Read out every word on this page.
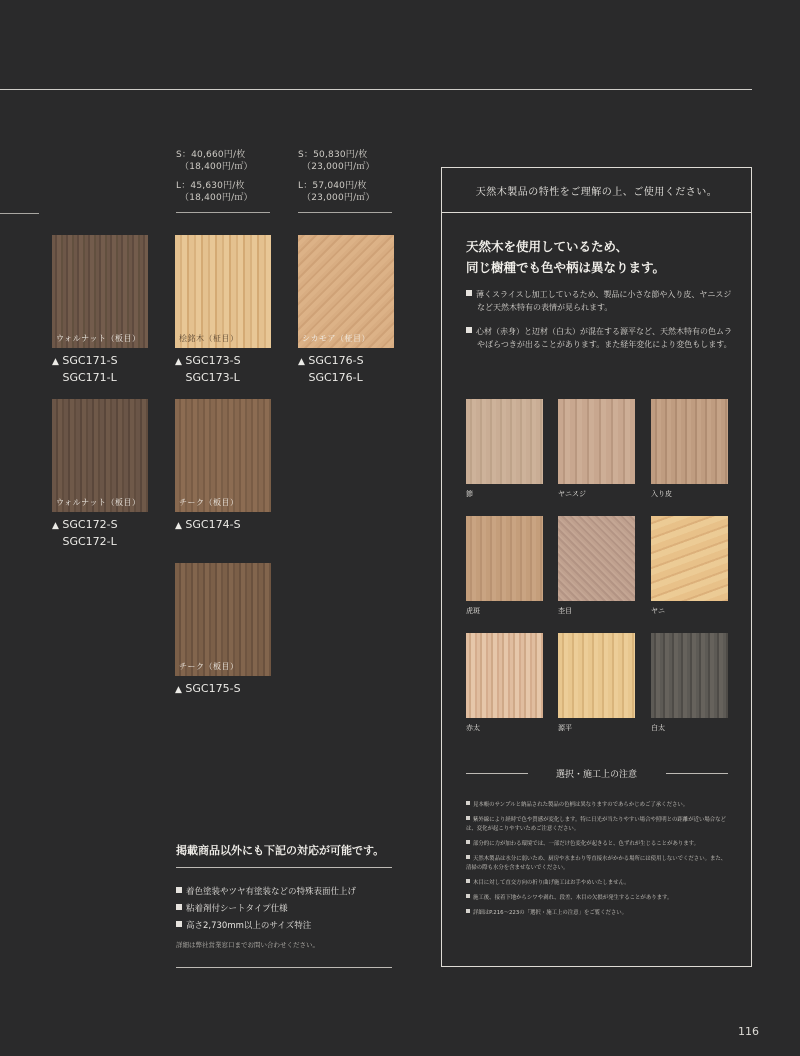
S：40,660円/枚
（18,400円/㎡）
L：45,630円/枚
（18,400円/㎡）
S：50,830円/枚
（23,000円/㎡）
L：57,040円/枚
（23,000円/㎡）
ウォルナット（板目）
▲ SGC171-S
SGC171-L
桧銘木（柾目）
▲ SGC173-S
SGC173-L
シカモア（柾目）
▲ SGC176-S
SGC176-L
ウォルナット（板目）
▲ SGC172-S
SGC172-L
チーク（板目）
▲ SGC174-S
チーク（板目）
▲ SGC175-S
掲載商品以外にも下記の対応が可能です。
着色塗装やツヤ有塗装などの特殊表面仕上げ
粘着剤付シートタイプ仕様
高さ2,730mm以上のサイズ特注
詳細は弊社営業窓口までお問い合わせください。
天然木製品の特性をご理解の上、ご使用ください。
天然木を使用しているため、
同じ樹種でも色や柄は異なります。
薄くスライスし加工しているため、製品に小さな節や入り皮、ヤニスジなど天然木特有の表情が見られます。
心材（赤身）と辺材（白太）が混在する源平など、天然木特有の色ムラやばらつきが出ることがあります。また経年変化により変色もします。
節	ヤニスジ	入り皮
虎斑	杢目	ヤニ
赤太	源平	白太
選択・施工上の注意
見本帳のサンプルと納品された製品の色柄は異なりますのであらかじめご了承ください。
紫外線により経時で色や質感が変化します。特に日光が当たりやすい場合や照明との距離が近い場合などは、変化が起こりやすいためご注意ください。
部分的に力が加わる環境では、一部だけ色変化が起きると、色ずれが生じることがあります。
天然木製品は水分に弱いため、厨房や水まわり等直接水がかかる場所には使用しないでください。また、清掃の際も水分を含ませないでください。
木目に対して直交方向の折り曲げ施工はお手やめいたしません。
施工後、接着下地からシワや剥れ、段差、木目の欠損が発生することがあります。
詳細はP.216〜223の「選択・施工上の注意」をご覧ください。
116
